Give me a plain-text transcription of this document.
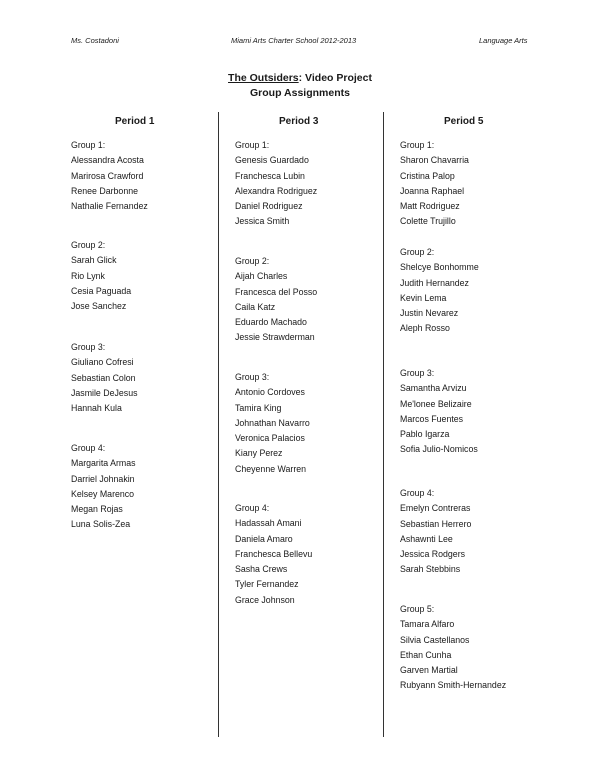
Ms. Costadoni	Miami Arts Charter School 2012-2013	Language Arts
The Outsiders: Video Project
Group Assignments
Period 1	Period 3	Period 5
Group 1:
Alessandra Acosta
Marirosa Crawford
Renee Darbonne
Nathalie Fernandez
Group 2:
Sarah Glick
Rio Lynk
Cesia Paguada
Jose Sanchez
Group 3:
Giuliano Cofresi
Sebastian Colon
Jasmile DeJesus
Hannah Kula
Group 4:
Margarita Armas
Darriel Johnakin
Kelsey Marenco
Megan Rojas
Luna Solis-Zea
Group 1:
Genesis Guardado
Franchesca Lubin
Alexandra Rodriguez
Daniel Rodriguez
Jessica Smith
Group 2:
Aijah Charles
Francesca del Posso
Caila Katz
Eduardo Machado
Jessie Strawderman
Group 3:
Antonio Cordoves
Tamira King
Johnathan Navarro
Veronica Palacios
Kiany Perez
Cheyenne Warren
Group 4:
Hadassah Amani
Daniela Amaro
Franchesca Bellevu
Sasha Crews
Tyler Fernandez
Grace Johnson
Group 1:
Sharon Chavarria
Cristina Palop
Joanna Raphael
Matt Rodriguez
Colette Trujillo
Group 2:
Shelcye Bonhomme
Judith Hernandez
Kevin Lema
Justin Nevarez
Aleph Rosso
Group 3:
Samantha Arvizu
Me'lonee Belizaire
Marcos Fuentes
Pablo Igarza
Sofia Julio-Nomicos
Group 4:
Emelyn Contreras
Sebastian Herrero
Ashawnti Lee
Jessica Rodgers
Sarah Stebbins
Group 5:
Tamara Alfaro
Silvia Castellanos
Ethan Cunha
Garven Martial
Rubyann Smith-Hernandez
